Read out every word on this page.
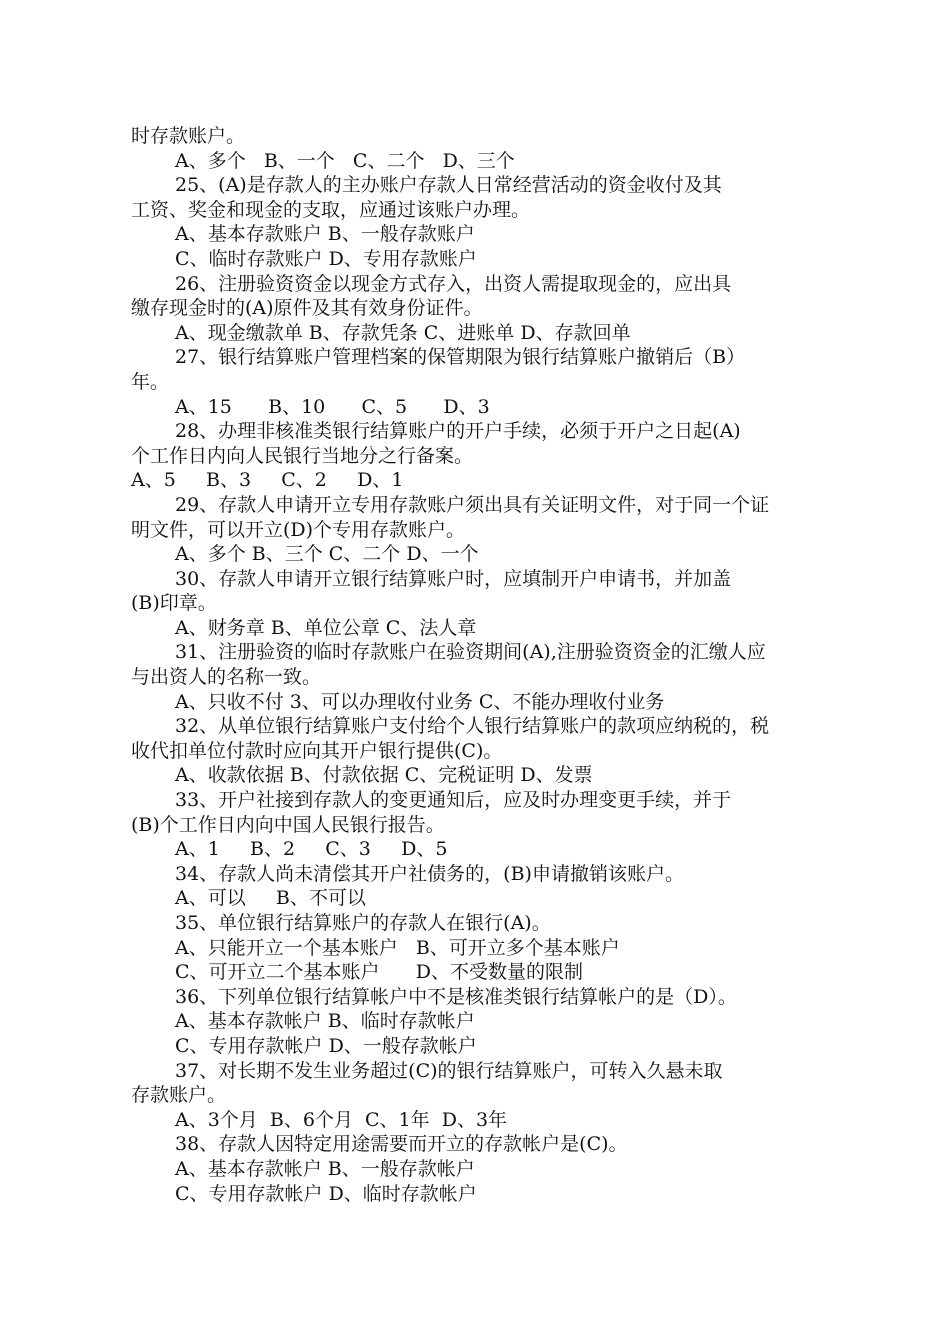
时存款账户。
A、多个   B、一个   C、二个   D、三个
25、(A)是存款人的主办账户存款人日常经营活动的资金收付及其
工资、奖金和现金的支取，应通过该账户办理。
A、基本存款账户 B、一般存款账户
C、临时存款账户 D、专用存款账户
26、注册验资资金以现金方式存入，出资人需提取现金的，应出具
缴存现金时的(A)原件及其有效身份证件。
A、现金缴款单 B、存款凭条 C、进账单 D、存款回单
27、银行结算账户管理档案的保管期限为银行结算账户撤销后（B）
年。
A、15      B、10      C、5      D、3
28、办理非核准类银行结算账户的开户手续，必须于开户之日起(A)
个工作日内向人民银行当地分之行备案。
A、5     B、3     C、2     D、1
29、存款人申请开立专用存款账户须出具有关证明文件，对于同一个证
明文件，可以开立(D)个专用存款账户。
A、多个 B、三个 C、二个 D、一个
30、存款人申请开立银行结算账户时，应填制开户申请书，并加盖
(B)印章。
A、财务章 B、单位公章 C、法人章
31、注册验资的临时存款账户在验资期间(A),注册验资资金的汇缴人应
与出资人的名称一致。
A、只收不付 3、可以办理收付业务 C、不能办理收付业务
32、从单位银行结算账户支付给个人银行结算账户的款项应纳税的，税
收代扣单位付款时应向其开户银行提供(C)。
A、收款依据 B、付款依据 C、完税证明 D、发票
33、开户社接到存款人的变更通知后，应及时办理变更手续，并于
(B)个工作日内向中国人民银行报告。
A、1     B、2     C、3     D、5
34、存款人尚未清偿其开户社债务的，(B)申请撤销该账户。
A、可以     B、不可以
35、单位银行结算账户的存款人在银行(A)。
A、只能开立一个基本账户   B、可开立多个基本账户
C、可开立二个基本账户      D、不受数量的限制
36、下列单位银行结算帐户中不是核准类银行结算帐户的是（D）。
A、基本存款帐户 B、临时存款帐户
C、专用存款帐户 D、一般存款帐户
37、对长期不发生业务超过(C)的银行结算账户，可转入久悬未取
存款账户。
A、3个月  B、6个月  C、1年  D、3年
38、存款人因特定用途需要而开立的存款帐户是(C)。
A、基本存款帐户 B、一般存款帐户
C、专用存款帐户 D、临时存款帐户
